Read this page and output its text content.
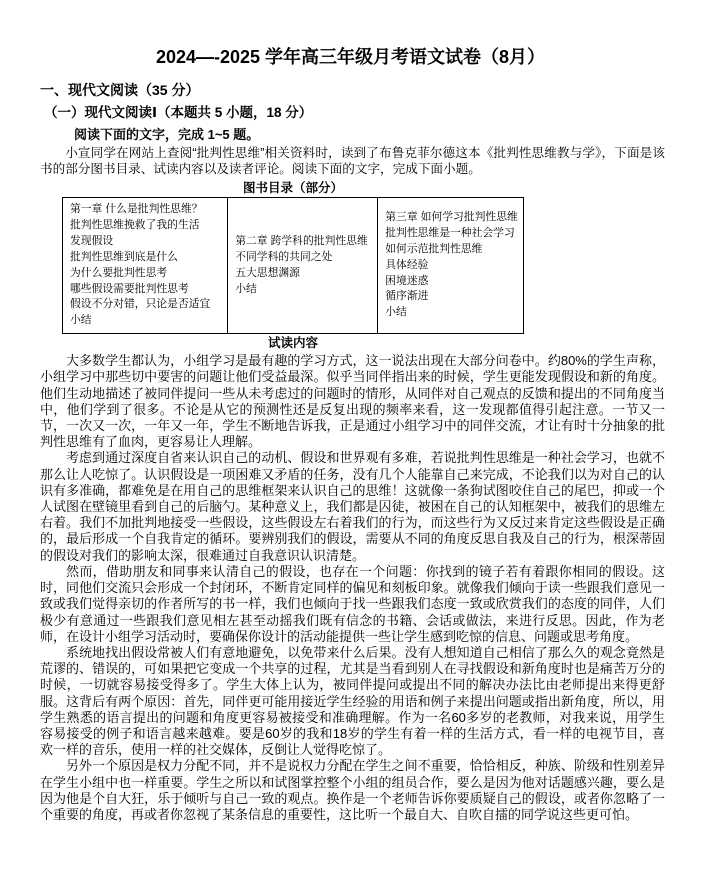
2024—-2025 学年高三年级月考语文试卷（8月）
一、现代文阅读（35 分）
（一）现代文阅读Ⅰ（本题共 5 小题，18 分）
阅读下面的文字，完成 1~5 题。

小宣同学在网站上查阅“批判性思维”相关资料时，读到了布鲁克菲尔德这本《批判性思维教与学》，下面是该书的部分图书目录、试读内容以及读者评论。阅读下面的文字，完成下面小题。

图书目录（部分）
第一章 什么是批判性思维？
批判性思维挽救了我的生活
发现假设
批判性思维到底是什么
为什么要批判性思考
哪些假设需要批判性思考
假设不分对错，只论是否适宜
小结

第二章 跨学科的批判性思维
不同学科的共同之处
五大思想渊源
小结

第三章 如何学习批判性思维
批判性思维是一种社会学习
如何示范批判性思维
具体经验
困境迷惑
循序渐进
小结
试读内容

大多数学生都认为，小组学习是最有趣的学习方式，这一说法出现在大部分问卷中。约80%的学生声称，小组学习中那些切中要害的问题让他们受益最深。似乎当同伴指出来的时候，学生更能发现假设和新的角度。他们生动地描述了被同伴提问一些从未考虑过的问题时的情形，从同伴对自己观点的反馈和提出的不同角度当中，他们学到了很多。不论是从它的预测性还是反复出现的频率来看，这一发现都值得引起注意。一节又一节，一次又一次，一年又一年，学生不断地告诉我，正是通过小组学习中的同伴交流，才让有时十分抽象的批判性思维有了血肉，更容易让人理解。

考虑到通过深度自省来认识自己的动机、假设和世界观有多难，若说批判性思维是一种社会学习，也就不那么让人吃惊了。认识假设是一项困难又矛盾的任务，没有几个人能靠自己来完成，不论我们以为对自己的认识有多准确，都难免是在用自己的思维框架来认识自己的思维！这就像一条狗试图咬住自己的尾巴，抑或一个人试图在壁镜里看到自己的后脑勺。某种意义上，我们都是囚徒，被困在自己的认知框架中，被我们的思维左右着。我们不加批判地接受一些假设，这些假设左右着我们的行为，而这些行为又反过来肯定这些假设是正确的，最后形成一个自我肯定的循环。要辨别我们的假设，需要从不同的角度反思自我及自己的行为，根深蒂固的假设对我们的影响太深，很难通过自我意识认识清楚。

然而，借助朋友和同事来认清自己的假设，也存在一个问题：你找到的镜子若有着跟你相同的假设。这时，同他们交流只会形成一个封闭环，不断肯定同样的偏见和刻板印象。就像我们倾向于读一些跟我们意见一致或我们觉得亲切的作者所写的书一样，我们也倾向于找一些跟我们态度一致或欣赏我们的态度的同伴，人们极少有意通过一些跟我们意见相左甚至动摇我们既有信念的书籍、会话或做法，来进行反思。因此，作为老师，在设计小组学习活动时，要确保你设计的活动能提供一些让学生感到吃惊的信息、问题或思考角度。

系统地找出假设常被人们有意地避免，以免带来什么后果。没有人想知道自己相信了那么久的观念竟然是荒谬的、错误的，可如果把它变成一个共享的过程，尤其是当看到别人在寻找假设和新角度时也是痛苦万分的时候，一切就容易接受得多了。学生大体上认为，被同伴提问或提出不同的解决办法比由老师提出来得更舒服。这背后有两个原因：首先，同伴更可能用接近学生经验的用语和例子来提出问题或指出新角度，所以，用学生熟悉的语言提出的问题和角度更容易被接受和准确理解。作为一名60多岁的老教师，对我来说，用学生容易接受的例子和语言越来越难。要是60岁的我和18岁的学生有着一样的生活方式，看一样的电视节目，喜欢一样的音乐，使用一样的社交媒体，反倒让人觉得吃惊了。

另外一个原因是权力分配不同，并不是说权力分配在学生之间不重要，恰恰相反，种族、阶级和性别差异在学生小组中也一样重要。学生之所以和试图掌控整个小组的组员合作，要么是因为他对话题感兴趣，要么是因为他是个自大狂，乐于倾听与自己一致的观点。换作是一个老师告诉你要质疑自己的假设，或者你忽略了一个重要的角度，再或者你忽视了某条信息的重要性，这比听一个最自大、自吹自擂的同学说这些更可怕。
